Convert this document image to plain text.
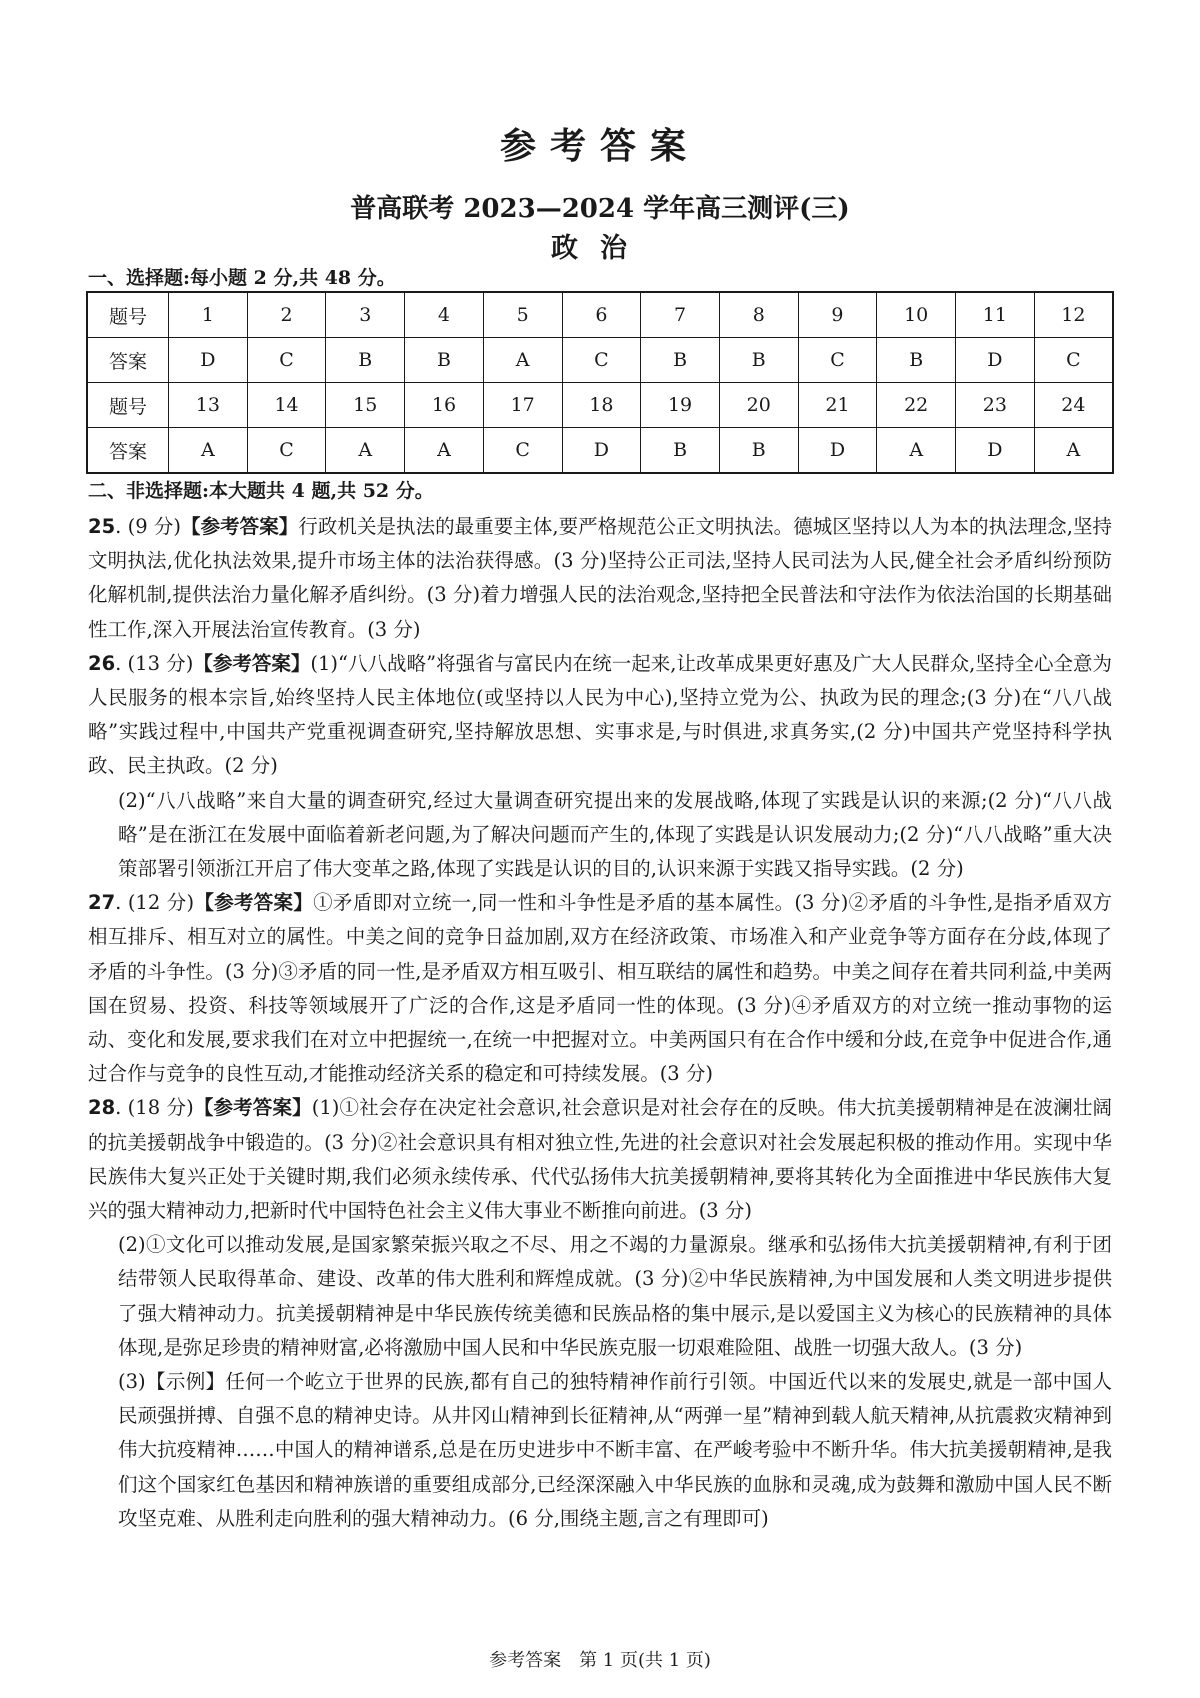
参考答案
普高联考 2023—2024 学年高三测评(三)
政治
一、选择题:每小题 2 分,共 48 分。
题号	1	2	3	4	5	6	7	8	9	10	11	12
答案	D	C	B	B	A	C	B	B	C	B	D	C
题号	13	14	15	16	17	18	19	20	21	22	23	24
答案	A	C	A	A	C	D	B	B	D	A	D	A
二、非选择题:本大题共 4 题,共 52 分。
25. (9 分)【参考答案】行政机关是执法的最重要主体,要严格规范公正文明执法。德城区坚持以人为本的执法理念,坚持文明执法,优化执法效果,提升市场主体的法治获得感。(3 分)坚持公正司法,坚持人民司法为人民,健全社会矛盾纠纷预防化解机制,提供法治力量化解矛盾纠纷。(3 分)着力增强人民的法治观念,坚持把全民普法和守法作为依法治国的长期基础性工作,深入开展法治宣传教育。(3 分)
26. (13 分)【参考答案】(1)“八八战略”将强省与富民内在统一起来,让改革成果更好惠及广大人民群众,坚持全心全意为人民服务的根本宗旨,始终坚持人民主体地位(或坚持以人民为中心),坚持立党为公、执政为民的理念;(3 分)在“八八战略”实践过程中,中国共产党重视调查研究,坚持解放思想、实事求是,与时俱进,求真务实,(2 分)中国共产党坚持科学执政、民主执政。(2 分)
(2)“八八战略”来自大量的调查研究,经过大量调查研究提出来的发展战略,体现了实践是认识的来源;(2 分)“八八战略”是在浙江在发展中面临着新老问题,为了解决问题而产生的,体现了实践是认识发展动力;(2 分)“八八战略”重大决策部署引领浙江开启了伟大变革之路,体现了实践是认识的目的,认识来源于实践又指导实践。(2 分)
27. (12 分)【参考答案】①矛盾即对立统一,同一性和斗争性是矛盾的基本属性。(3 分)②矛盾的斗争性,是指矛盾双方相互排斥、相互对立的属性。中美之间的竞争日益加剧,双方在经济政策、市场准入和产业竞争等方面存在分歧,体现了矛盾的斗争性。(3 分)③矛盾的同一性,是矛盾双方相互吸引、相互联结的属性和趋势。中美之间存在着共同利益,中美两国在贸易、投资、科技等领域展开了广泛的合作,这是矛盾同一性的体现。(3 分)④矛盾双方的对立统一推动事物的运动、变化和发展,要求我们在对立中把握统一,在统一中把握对立。中美两国只有在合作中缓和分歧,在竞争中促进合作,通过合作与竞争的良性互动,才能推动经济关系的稳定和可持续发展。(3 分)
28. (18 分)【参考答案】(1)①社会存在决定社会意识,社会意识是对社会存在的反映。伟大抗美援朝精神是在波澜壮阔的抗美援朝战争中锻造的。(3 分)②社会意识具有相对独立性,先进的社会意识对社会发展起积极的推动作用。实现中华民族伟大复兴正处于关键时期,我们必须永续传承、代代弘扬伟大抗美援朝精神,要将其转化为全面推进中华民族伟大复兴的强大精神动力,把新时代中国特色社会主义伟大事业不断推向前进。(3 分)
(2)①文化可以推动发展,是国家繁荣振兴取之不尽、用之不竭的力量源泉。继承和弘扬伟大抗美援朝精神,有利于团结带领人民取得革命、建设、改革的伟大胜利和辉煌成就。(3 分)②中华民族精神,为中国发展和人类文明进步提供了强大精神动力。抗美援朝精神是中华民族传统美德和民族品格的集中展示,是以爱国主义为核心的民族精神的具体体现,是弥足珍贵的精神财富,必将激励中国人民和中华民族克服一切艰难险阻、战胜一切强大敌人。(3 分)
(3)【示例】任何一个屹立于世界的民族,都有自己的独特精神作前行引领。中国近代以来的发展史,就是一部中国人民顽强拼搏、自强不息的精神史诗。从井冈山精神到长征精神,从“两弹一星”精神到载人航天精神,从抗震救灾精神到伟大抗疫精神……中国人的精神谱系,总是在历史进步中不断丰富、在严峻考验中不断升华。伟大抗美援朝精神,是我们这个国家红色基因和精神族谱的重要组成部分,已经深深融入中华民族的血脉和灵魂,成为鼓舞和激励中国人民不断攻坚克难、从胜利走向胜利的强大精神动力。(6 分,围绕主题,言之有理即可)
参考答案　第 1 页(共 1 页)
